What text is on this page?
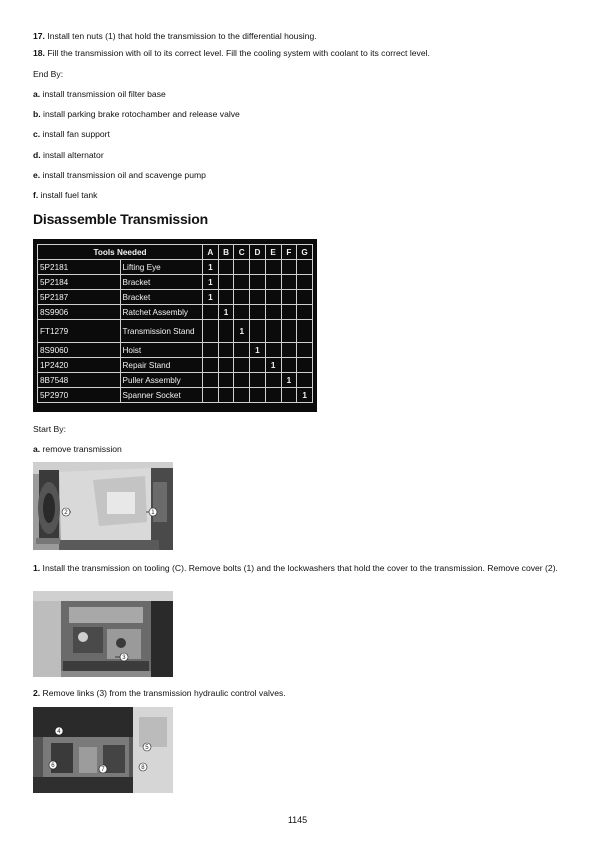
17. Install ten nuts (1) that hold the transmission to the differential housing.
18. Fill the transmission with oil to its correct level. Fill the cooling system with coolant to its correct level.
End By:
a. install transmission oil filter base
b. install parking brake rotochamber and release valve
c. install fan support
d. install alternator
e. install transmission oil and scavenge pump
f. install fuel tank
Disassemble Transmission
Tools Needed		A	B	C	D	E	F	G
5P2181	Lifting Eye	1						
5P2184	Bracket	1						
5P2187	Bracket	1						
8S9906	Ratchet Assembly		1					
FT1279	Transmission Stand			1				
8S9060	Hoist				1			
1P2420	Repair Stand					1		
8B7548	Puller Assembly						1	
5P2970	Spanner Socket							1
Start By:
a. remove transmission
2	1
1. Install the transmission on tooling (C). Remove bolts (1) and the lockwashers that hold the cover to the transmission. Remove cover (2).
3
2. Remove links (3) from the transmission hydraulic control valves.
4
5
6
7	8
1145
